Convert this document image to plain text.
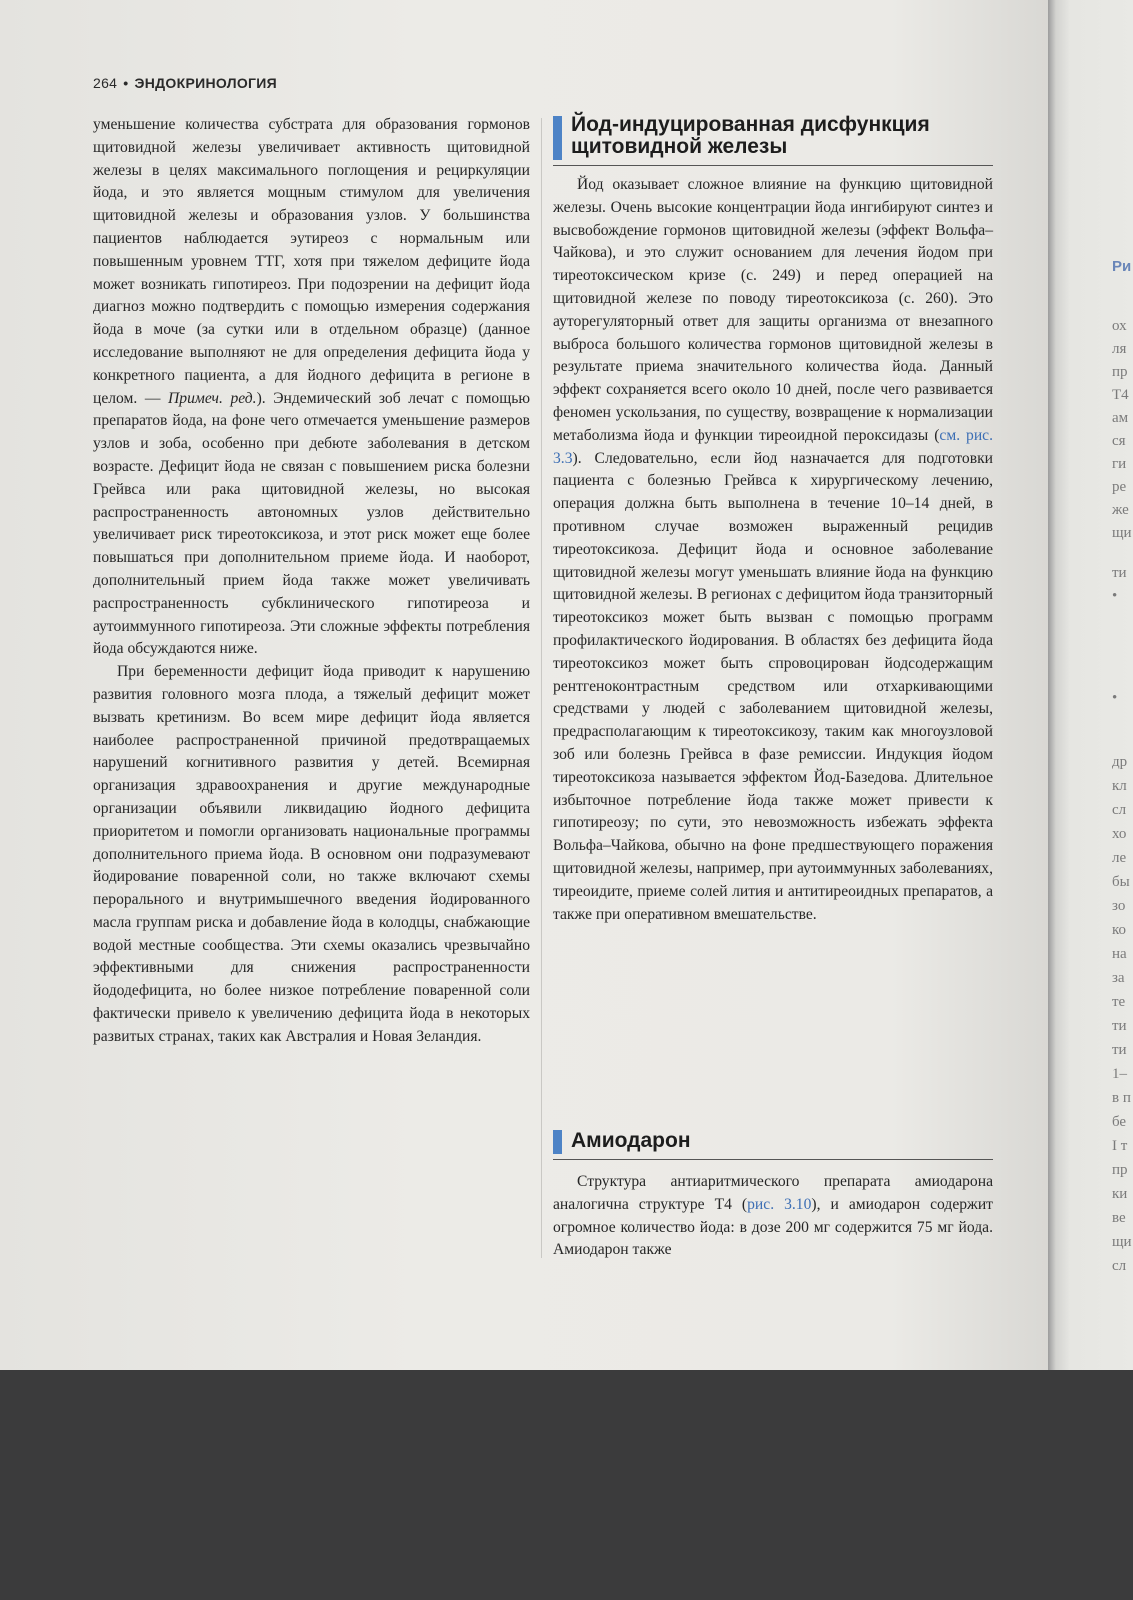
264 • ЭНДОКРИНОЛОГИЯ

уменьшение количества субстрата для образования гормонов щитовидной железы увеличивает активность щитовидной железы в целях максимального поглощения и рециркуляции йода, и это является мощным стимулом для увеличения щитовидной железы и образования узлов. У большинства пациентов наблюдается эутиреоз с нормальным или повышенным уровнем ТТГ, хотя при тяжелом дефиците йода может возникать гипотиреоз. При подозрении на дефицит йода диагноз можно подтвердить с помощью измерения содержания йода в моче (за сутки или в отдельном образце) (данное исследование выполняют не для определения дефицита йода у конкретного пациента, а для йодного дефицита в регионе в целом. — Примеч. ред.). Эндемический зоб лечат с помощью препаратов йода, на фоне чего отмечается уменьшение размеров узлов и зоба, особенно при дебюте заболевания в детском возрасте. Дефицит йода не связан с повышением риска болезни Грейвса или рака щитовидной железы, но высокая распространенность автономных узлов действительно увеличивает риск тиреотоксикоза, и этот риск может еще более повышаться при дополнительном приеме йода. И наоборот, дополнительный прием йода также может увеличивать распространенность субклинического гипотиреоза и аутоиммунного гипотиреоза. Эти сложные эффекты потребления йода обсуждаются ниже.

При беременности дефицит йода приводит к нарушению развития головного мозга плода, а тяжелый дефицит может вызвать кретинизм. Во всем мире дефицит йода является наиболее распространенной причиной предотвращаемых нарушений когнитивного развития у детей. Всемирная организация здравоохранения и другие международные организации объявили ликвидацию йодного дефицита приоритетом и помогли организовать национальные программы дополнительного приема йода. В основном они подразумевают йодирование поваренной соли, но также включают схемы перорального и внутримышечного введения йодированного масла группам риска и добавление йода в колодцы, снабжающие водой местные сообщества. Эти схемы оказались чрезвычайно эффективными для снижения распространенности йододефицита, но более низкое потребление поваренной соли фактически привело к увеличению дефицита йода в некоторых развитых странах, таких как Австралия и Новая Зеландия.

Йод-индуцированная дисфункция щитовидной железы

Йод оказывает сложное влияние на функцию щитовидной железы. Очень высокие концентрации йода ингибируют синтез и высвобождение гормонов щитовидной железы (эффект Вольфа–Чайкова), и это служит основанием для лечения йодом при тиреотоксическом кризе (с. 249) и перед операцией на щитовидной железе по поводу тиреотоксикоза (с. 260). Это ауторегуляторный ответ для защиты организма от внезапного выброса большого количества гормонов щитовидной железы в результате приема значительного количества йода. Данный эффект сохраняется всего около 10 дней, после чего развивается феномен ускользания, по существу, возвращение к нормализации метаболизма йода и функции тиреоидной пероксидазы (см. рис. 3.3). Следовательно, если йод назначается для подготовки пациента с болезнью Грейвса к хирургическому лечению, операция должна быть выполнена в течение 10–14 дней, в противном случае возможен выраженный рецидив тиреотоксикоза. Дефицит йода и основное заболевание щитовидной железы могут уменьшать влияние йода на функцию щитовидной железы. В регионах с дефицитом йода транзиторный тиреотоксикоз может быть вызван с помощью программ профилактического йодирования. В областях без дефицита йода тиреотоксикоз может быть спровоцирован йодсодержащим рентгеноконтрастным средством или отхаркивающими средствами у людей с заболеванием щитовидной железы, предрасполагающим к тиреотоксикозу, таким как многоузловой зоб или болезнь Грейвса в фазе ремиссии. Индукция йодом тиреотоксикоза называется эффектом Йод-Базедова. Длительное избыточное потребление йода также может привести к гипотиреозу; по сути, это невозможность избежать эффекта Вольфа–Чайкова, обычно на фоне предшествующего поражения щитовидной железы, например, при аутоиммунных заболеваниях, тиреоидите, приеме солей лития и антитиреоидных препаратов, а также при оперативном вмешательстве.

Амиодарон

Структура антиаритмического препарата амиодарона аналогична структуре Т4 (рис. 3.10), и амиодарон содержит огромное количество йода: в дозе 200 мг содержится 75 мг йода. Амиодарон также

Ри
ох
ля
пр
Т4
ам
ся
ги
ре
же
щи
ти
•
•
др
кл
сл
хо
ле
бы
зо
ко
на
за
те
ти
ти
1–
в п
бе
I т
пр
ки
ве
щи
сл
